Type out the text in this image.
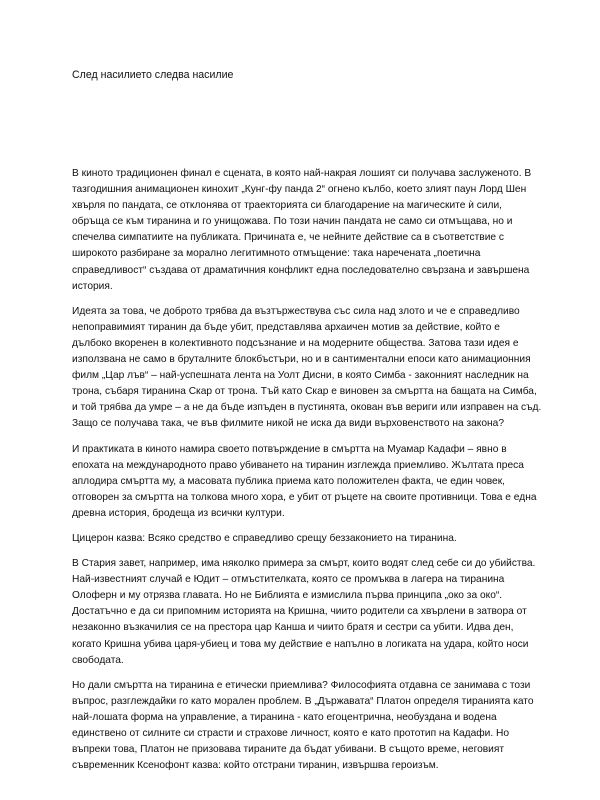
След насилието следва насилие

В киното традиционен финал е сцената, в която най-накрая лошият си получава заслуженото. В тазгодишния анимационен кинохит „Кунг-фу панда 2“ огнено кълбо, което злият паун Лорд Шен хвърля по пандата, се отклонява от траекторията си благодарение на магическите ѝ сили, обръща се към тиранина и го унищожава. По този начин пандата не само си отмъщава, но и спечелва симпатиите на публиката. Причината е, че нейните действие са в съответствие с широкото разбиране за морално легитимното отмъщение: така наречената „поетична справедливост“ създава от драматичния конфликт една последователно свързана и завършена история.

Идеята за това, че доброто трябва да възтържествува със сила над злото и че е справедливо непоправимият тиранин да бъде убит, представлява архаичен мотив за действие, който е дълбоко вкоренен в колективното подсъзнание и на модерните общества. Затова тази идея е използвана не само в бруталните блокбъстъри, но и в сантиментални епоси като анимационния филм „Цар лъв“ – най-успешната лента на Уолт Дисни, в която Симба - законният наследник на трона, събаря тиранина Скар от трона. Тъй като Скар е виновен за смъртта на бащата на Симба, и той трябва да умре – а не да бъде изпъден в пустинята, окован във вериги или изправен на съд. Защо се получава така, че във филмите никой не иска да види върховенството на закона?

И практиката в киното намира своето потвърждение в смъртта на Муамар Кадафи – явно в епохата на международното право убиването на тиранин изглежда приемливо. Жълтата преса аплодира смъртта му, а масовата публика приема като положителен факта, че един човек, отговорен за смъртта на толкова много хора, е убит от ръцете на своите противници. Това е една древна история, бродеща из всички култури.

Цицерон казва: Всяко средство е справедливо срещу беззаконието на тиранина.

В Стария завет, например, има няколко примера за смърт, които водят след себе си до убийства. Най-известният случай е Юдит – отмъстителката, която се промъква в лагера на тиранина Олоферн и му отрязва главата. Но не Библията е измислила първа принципа „око за око“. Достатъчно е да си припомним историята на Кришна, чиито родители са хвърлени в затвора от незаконно възкачилия се на престора цар Канша и чиито братя и сестри са убити. Идва ден, когато Кришна убива царя-убиец и това му действие е напълно в логиката на удара, който носи свободата.

Но дали смъртта на тиранина е етически приемлива? Философията отдавна се занимава с този въпрос, разглеждайки го като морален проблем. В „Държавата“ Платон определя тиранията като най-лошата форма на управление, а тиранина - като егоцентрична, необуздана и водена единствено от силните си страсти и страхове личност, която е като прототип на Кадафи. Но въпреки това, Платон не призовава тираните да бъдат убивани. В същото време, неговият съвременник Ксенофонт казва: който отстрани тиранин, извършва героизъм.
